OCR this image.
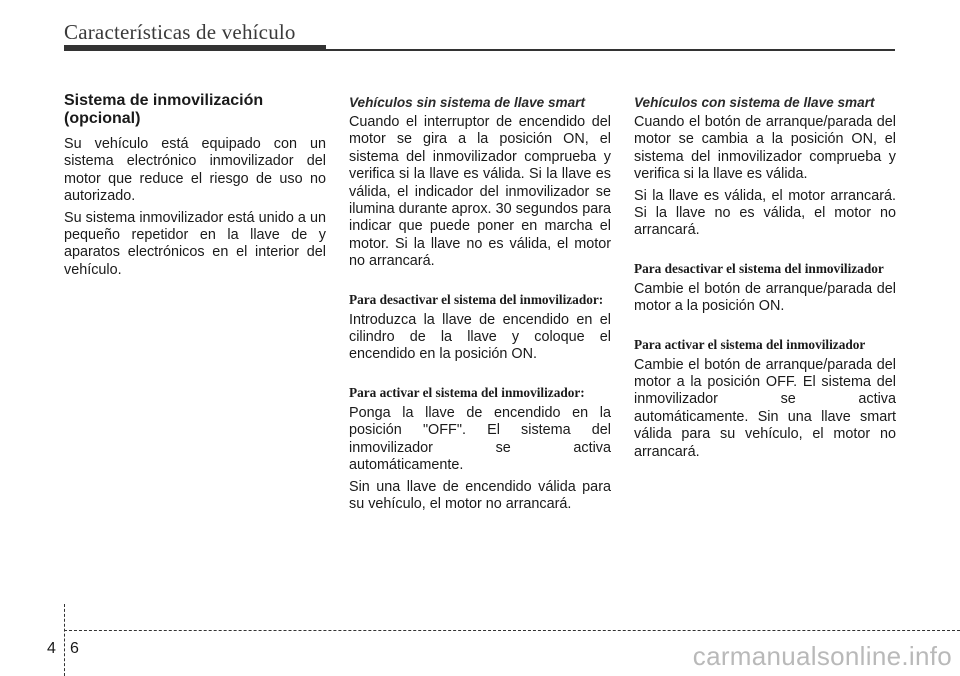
Características de vehículo
Sistema de inmovilización (opcional)

Su vehículo está equipado con un sistema electrónico inmovilizador del motor que reduce el riesgo de uso no autorizado.

Su sistema inmovilizador está unido a un pequeño repetidor en la llave de y aparatos electrónicos en el interior del vehículo.

Vehículos sin sistema de llave smart

Cuando el interruptor de encendido del motor se gira a la posición ON, el sistema del inmovilizador comprueba y verifica si la llave es válida. Si la llave es válida, el indicador del inmovilizador se ilumina durante aprox. 30 segundos para indicar que puede poner en marcha el motor. Si la llave no es válida, el motor no arrancará.

Para desactivar el sistema del inmovilizador:

Introduzca la llave de encendido en el cilindro de la llave y coloque el encendido en la posición ON.

Para activar el sistema del inmovilizador:

Ponga la llave de encendido en la posición "OFF". El sistema del inmovilizador se activa automáticamente.

Sin una llave de encendido válida para su vehículo, el motor no arrancará.

Vehículos con sistema de llave smart

Cuando el botón de arranque/parada del motor se cambia a la posición ON, el sistema del inmovilizador comprueba y verifica si la llave es válida.

Si la llave es válida, el motor arrancará. Si la llave no es válida, el motor no arrancará.

Para desactivar el sistema del inmovilizador

Cambie el botón de arranque/parada del motor a la posición ON.

Para activar el sistema del inmovilizador

Cambie el botón de arranque/parada del motor a la posición OFF. El sistema del inmovilizador se activa automáticamente. Sin una llave smart válida para su vehículo, el motor no arrancará.

4 6	carmanualsonline.info
